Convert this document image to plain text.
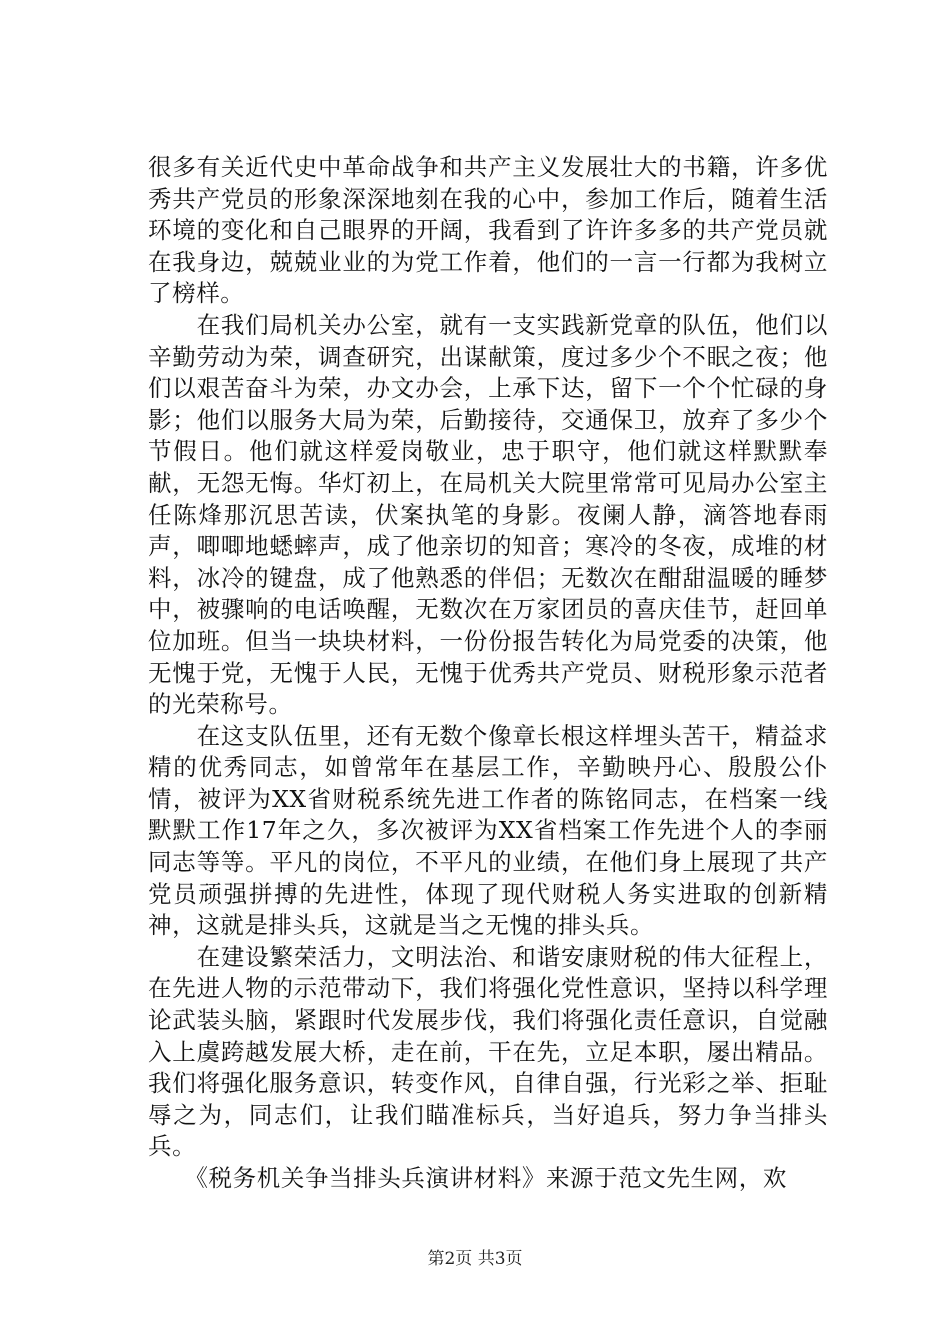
很多有关近代史中革命战争和共产主义发展壮大的书籍，许多优秀共产党员的形象深深地刻在我的心中，参加工作后，随着生活环境的变化和自己眼界的开阔，我看到了许许多多的共产党员就在我身边，兢兢业业的为党工作着，他们的一言一行都为我树立了榜样。

　　在我们局机关办公室，就有一支实践新党章的队伍，他们以辛勤劳动为荣，调查研究，出谋献策，度过多少个不眠之夜；他们以艰苦奋斗为荣，办文办会，上承下达，留下一个个忙碌的身影；他们以服务大局为荣，后勤接待，交通保卫，放弃了多少个节假日。他们就这样爱岗敬业，忠于职守，他们就这样默默奉献，无怨无悔。华灯初上，在局机关大院里常常可见局办公室主任陈烽那沉思苦读，伏案执笔的身影。夜阑人静，滴答地春雨声，唧唧地蟋蟀声，成了他亲切的知音；寒冷的冬夜，成堆的材料，冰冷的键盘，成了他熟悉的伴侣；无数次在酣甜温暖的睡梦中，被骤响的电话唤醒，无数次在万家团员的喜庆佳节，赶回单位加班。但当一块块材料，一份份报告转化为局党委的决策，他无愧于党，无愧于人民，无愧于优秀共产党员、财税形象示范者的光荣称号。

　　在这支队伍里，还有无数个像章长根这样埋头苦干，精益求精的优秀同志，如曾常年在基层工作，辛勤映丹心、殷殷公仆情，被评为XX省财税系统先进工作者的陈铭同志，在档案一线默默工作17年之久，多次被评为XX省档案工作先进个人的李丽同志等等。平凡的岗位，不平凡的业绩，在他们身上展现了共产党员顽强拼搏的先进性，体现了现代财税人务实进取的创新精神，这就是排头兵，这就是当之无愧的排头兵。

　　在建设繁荣活力，文明法治、和谐安康财税的伟大征程上，在先进人物的示范带动下，我们将强化党性意识，坚持以科学理论武装头脑，紧跟时代发展步伐，我们将强化责任意识，自觉融入上虞跨越发展大桥，走在前，干在先，立足本职，屡出精品。我们将强化服务意识，转变作风，自律自强，行光彩之举、拒耻辱之为，同志们，让我们瞄准标兵，当好追兵，努力争当排头兵。

　　《税务机关争当排头兵演讲材料》来源于范文先生网，欢

第2页 共3页
